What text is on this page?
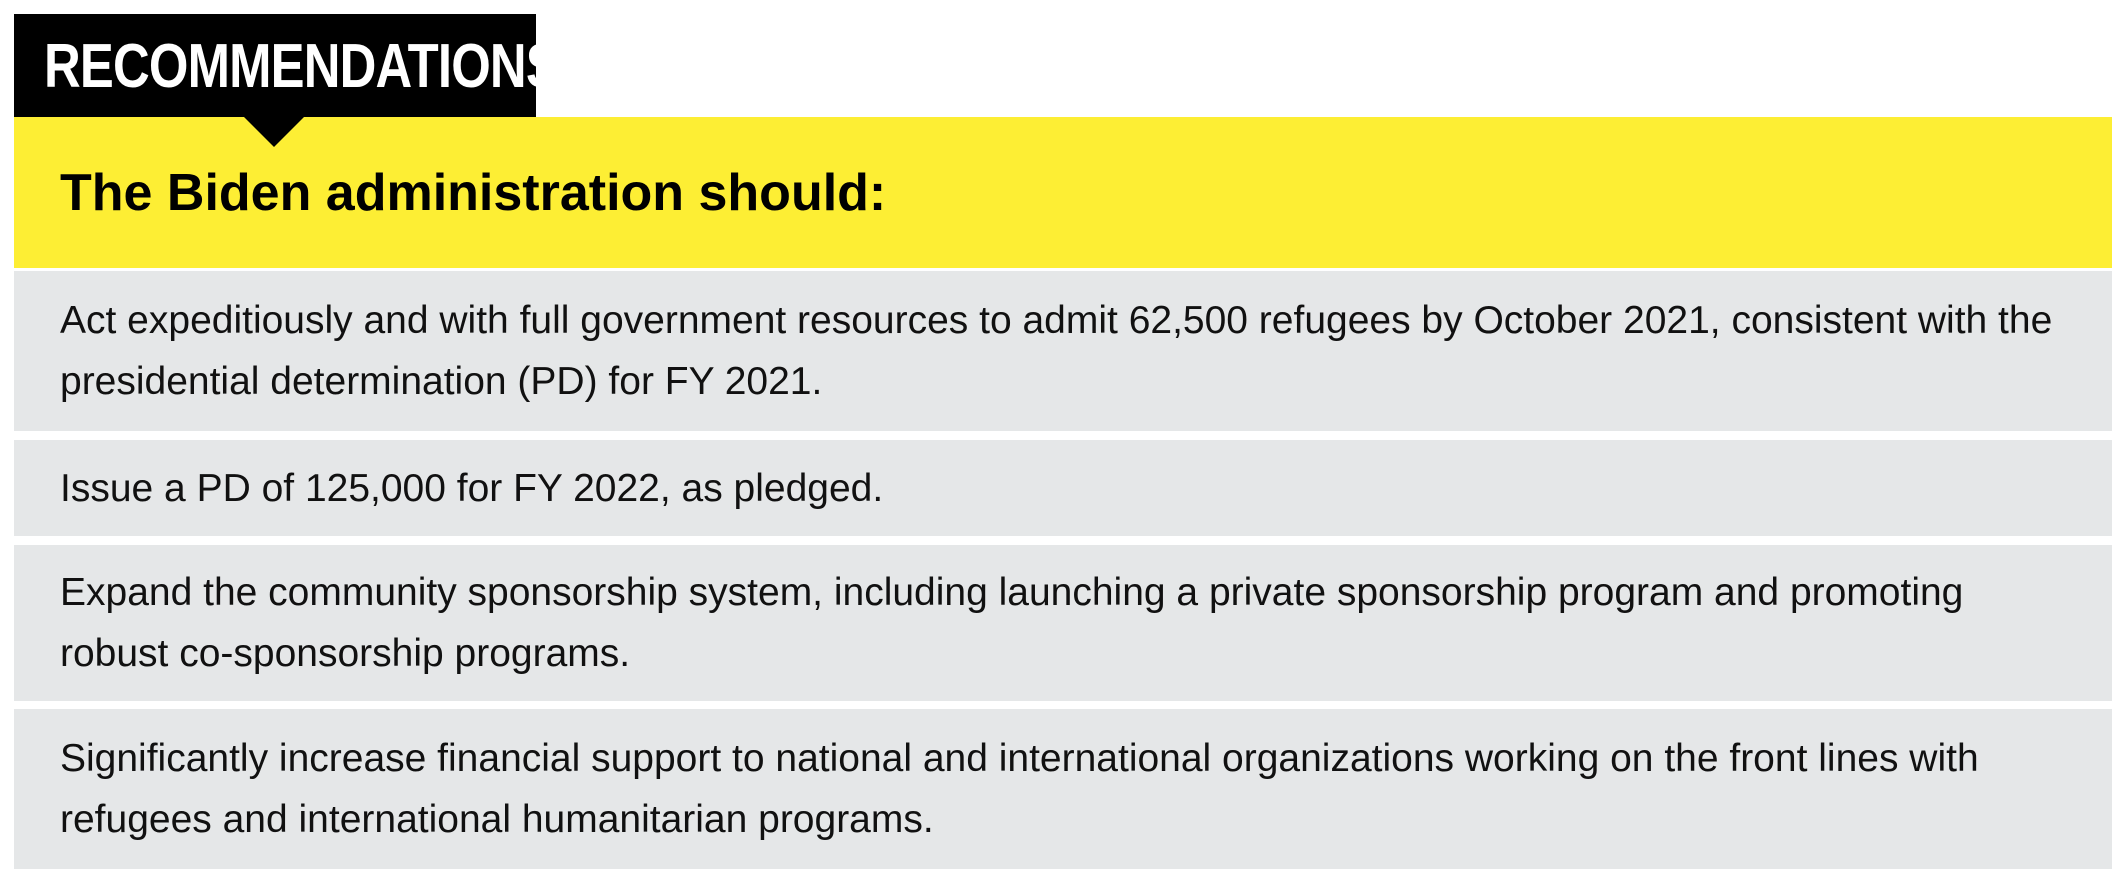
RECOMMENDATIONS
The Biden administration should:

Act expeditiously and with full government resources to admit 62,500 refugees by October 2021, consistent with the presidential determination (PD) for FY 2021.

Issue a PD of 125,000 for FY 2022, as pledged.

Expand the community sponsorship system, including launching a private sponsorship program and promoting robust co-sponsorship programs.

Significantly increase financial support to national and international organizations working on the front lines with refugees and international humanitarian programs.
